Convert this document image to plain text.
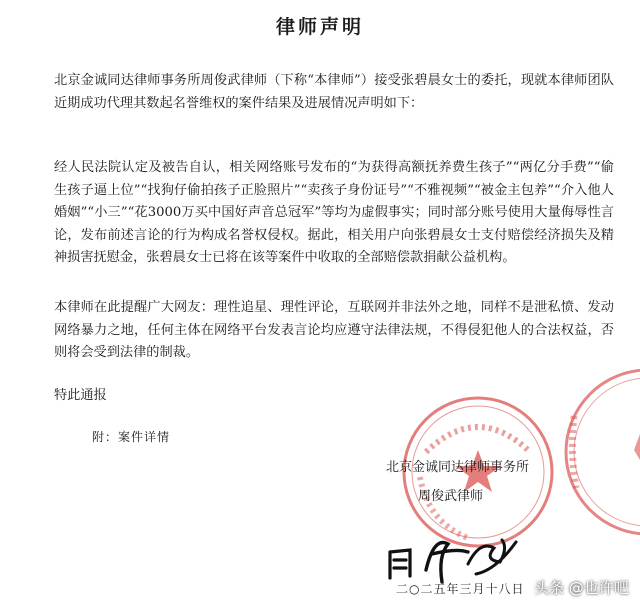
律师声明

北京金诚同达律师事务所周俊武律师（下称“本律师”）接受张碧晨女士的委托，现就本律师团队近期成功代理其数起名誉维权的案件结果及进展情况声明如下：

经人民法院认定及被告自认，相关网络账号发布的“为获得高额抚养费生孩子”“两亿分手费”“偷生孩子逼上位”“找狗仔偷拍孩子正脸照片”“卖孩子身份证号”“不雅视频”“被金主包养”“介入他人婚姻”“小三”“花3000万买中国好声音总冠军”等均为虚假事实；同时部分账号使用大量侮辱性言论，发布前述言论的行为构成名誉权侵权。据此，相关用户向张碧晨女士支付赔偿经济损失及精神损害抚慰金，张碧晨女士已将在该等案件中收取的全部赔偿款捐献公益机构。

本律师在此提醒广大网友：理性追星、理性评论，互联网并非法外之地，同样不是泄私愤、发动网络暴力之地，任何主体在网络平台发表言论均应遵守法律法规，不得侵犯他人的合法权益，否则将会受到法律的制裁。

特此通报

附：案件详情
北京金诚同达律师事务所
周俊武律师
二○二五年三月十八日 头条 @也许吧
